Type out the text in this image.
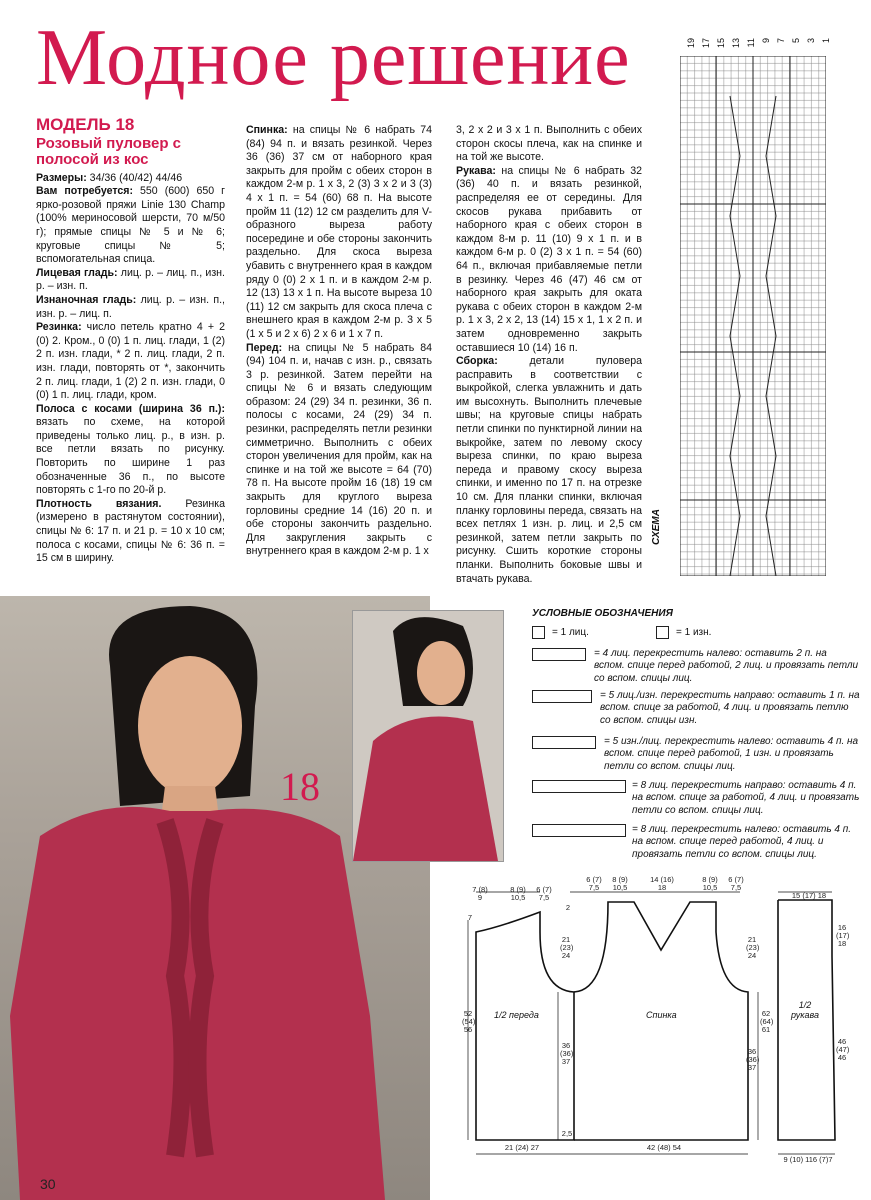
Модное решение
МОДЕЛЬ 18
Розовый пуловер с полосой из кос

Размеры: 34/36 (40/42) 44/46

Вам потребуется: 550 (600) 650 г ярко-розовой пряжи Linie 130 Champ (100% мериносовой шерсти, 70 м/50 г); прямые спицы № 5 и № 6; круговые спицы № 5; вспомогательная спица.

Лицевая гладь: лиц. р. – лиц. п., изн. р. – изн. п.

Изнаночная гладь: лиц. р. – изн. п., изн. р. – лиц. п.

Резинка: число петель кратно 4 + 2 (0) 2. Кром., 0 (0) 1 п. лиц. глади, 1 (2) 2 п. изн. глади, * 2 п. лиц. глади, 2 п. изн. глади, повторять от *, закончить 2 п. лиц. глади, 1 (2) 2 п. изн. глади, 0 (0) 1 п. лиц. глади, кром.

Полоса с косами (ширина 36 п.): вязать по схеме, на которой приведены только лиц. р., в изн. р. все петли вязать по рисунку. Повторить по ширине 1 раз обозначенные 36 п., по высоте повторять с 1-го по 20-й р.

Плотность вязания. Резинка (измерено в растянутом состоянии), спицы № 6: 17 п. и 21 р. = 10 х 10 см; полоса с косами, спицы № 6: 36 п. = 15 см в ширину.

Спинка: на спицы № 6 набрать 74 (84) 94 п. и вязать резинкой. Через 36 (36) 37 см от наборного края закрыть для пройм с обеих сторон в каждом 2-м р. 1 х 3, 2 (3) 3 х 2 и 3 (3) 4 х 1 п. = 54 (60) 68 п. На высоте пройм 11 (12) 12 см разделить для V-образного выреза работу посередине и обе стороны закончить раздельно. Для скоса выреза убавить с внутреннего края в каждом ряду 0 (0) 2 х 1 п. и в каждом 2-м р. 12 (13) 13 х 1 п. На высоте выреза 10 (11) 12 см закрыть для скоса плеча с внешнего края в каждом 2-м р. 3 х 5 (1 х 5 и 2 х 6) 2 х 6 и 1 х 7 п.

Перед: на спицы № 5 набрать 84 (94) 104 п. и, начав с изн. р., связать 3 р. резинкой. Затем перейти на спицы № 6 и вязать следующим образом: 24 (29) 34 п. резинки, 36 п. полосы с косами, 24 (29) 34 п. резинки, распределять петли резинки симметрично. Выполнить с обеих сторон увеличения для пройм, как на спинке и на той же высоте = 64 (70) 78 п. На высоте пройм 16 (18) 19 см закрыть для круглого выреза горловины средние 14 (16) 20 п. и обе стороны закончить раздельно. Для закругления закрыть с внутреннего края в каждом 2-м р. 1 х

3, 2 х 2 и 3 х 1 п. Выполнить с обеих сторон скосы плеча, как на спинке и на той же высоте.

Рукава: на спицы № 6 набрать 32 (36) 40 п. и вязать резинкой, распределяя ее от середины. Для скосов рукава прибавить от наборного края с обеих сторон в каждом 8-м р. 11 (10) 9 х 1 п. и в каждом 6-м р. 0 (2) 3 х 1 п. = 54 (60) 64 п., включая прибавляемые петли в резинку. Через 46 (47) 46 см от наборного края закрыть для оката рукава с обеих сторон в каждом 2-м р. 1 х 3, 2 х 2, 13 (14) 15 х 1, 1 х 2 п. и затем одновременно закрыть оставшиеся 10 (14) 16 п.

Сборка: детали пуловера расправить в соответствии с выкройкой, слегка увлажнить и дать им высохнуть. Выполнить плечевые швы; на круговые спицы набрать петли спинки по пунктирной линии на выкройке, затем по левому скосу выреза спинки, по краю выреза переда и правому скосу выреза спинки, и именно по 17 п. на отрезке 10 см. Для планки спинки, включая планку горловины переда, связать на всех петлях 1 изн. р. лиц. и 2,5 см резинкой, затем петли закрыть по рисунку. Сшить короткие стороны планки. Выполнить боковые швы и втачать рукава.

19 17 15 13 11 9 7 5 3 1
СХЕМА
18
УСЛОВНЫЕ ОБОЗНАЧЕНИЯ
= 1 лиц.	= 1 изн.
= 4 лиц. перекрестить налево: оставить 2 п. на вспом. спице перед работой, 2 лиц. и провязать петли со вспом. спицы лиц.
= 5 лиц./изн. перекрестить направо: оставить 1 п. на вспом. спице за работой, 4 лиц. и провязать петлю со вспом. спицы изн.
= 5 изн./лиц. перекрестить налево: оставить 4 п. на вспом. спице перед работой, 1 изн. и провязать петли со вспом. спицы лиц.
= 8 лиц. перекрестить направо: оставить 4 п. на вспом. спице за работой, 4 лиц. и провязать петли со вспом. спицы лиц.
= 8 лиц. перекрестить налево: оставить 4 п. на вспом. спице перед работой, 4 лиц. и провязать петли со вспом. спицы лиц.
7 (8) 9
8 (9) 10,5
6 (7) 7,5
6 (7) 7,5
8 (9) 10,5
14 (16) 18
8 (9) 10,5
6 (7) 7,5
15 (17) 18
7
2
21 (23) 24
21 (23) 24
52 (54) 56
36 (36) 37
36 (36) 37
62 (64) 61
16 (17) 18
46 (47) 46
2,5
21 (24) 27	42 (48) 54
9 (10) 116 (7)7
1/2 переда	Спинка
1/2 рукава
30
